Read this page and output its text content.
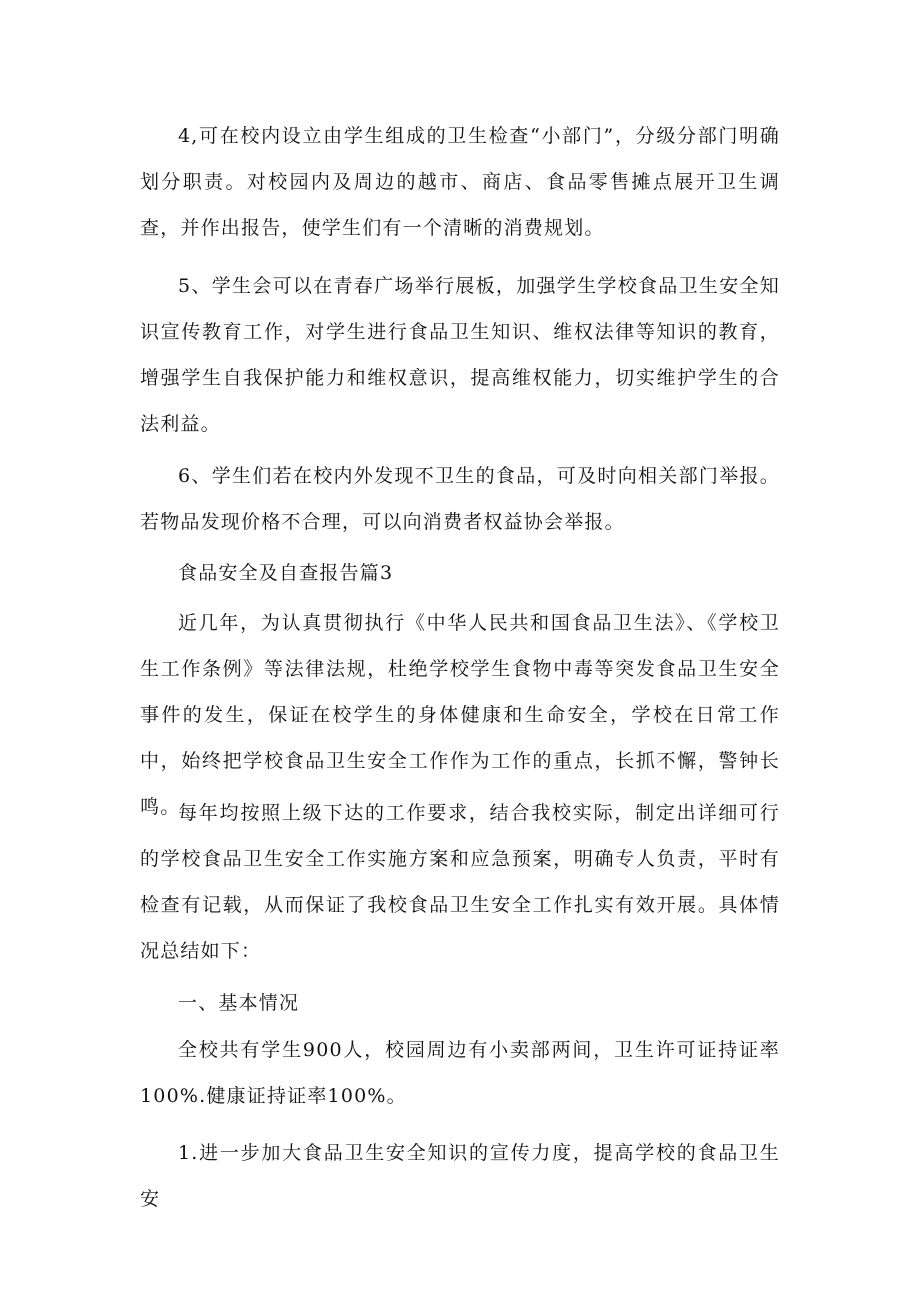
4,可在校内设立由学生组成的卫生检查“小部门”，分级分部门明确划分职责。对校园内及周边的越市、商店、食品零售摊点展开卫生调查，并作出报告，使学生们有一个清晰的消费规划。

5、学生会可以在青春广场举行展板，加强学生学校食品卫生安全知识宣传教育工作，对学生进行食品卫生知识、维权法律等知识的教育，增强学生自我保护能力和维权意识，提高维权能力，切实维护学生的合法利益。

6、学生们若在校内外发现不卫生的食品，可及时向相关部门举报。若物品发现价格不合理，可以向消费者权益协会举报。

食品安全及自查报告篇3

近几年，为认真贯彻执行《中华人民共和国食品卫生法》、《学校卫生工作条例》等法律法规，杜绝学校学生食物中毒等突发食品卫生安全事件的发生，保证在校学生的身体健康和生命安全，学校在日常工作中，始终把学校食品卫生安全工作作为工作的重点，长抓不懈，警钟长鸣。

每年均按照上级下达的工作要求，结合我校实际，制定出详细可行的学校食品卫生安全工作实施方案和应急预案，明确专人负责，平时有检查有记载，从而保证了我校食品卫生安全工作扎实有效开展。具体情况总结如下：

一、基本情况

全校共有学生900人，校园周边有小卖部两间，卫生许可证持证率100%.健康证持证率100%。

1.进一步加大食品卫生安全知识的宣传力度，提高学校的食品卫生安
